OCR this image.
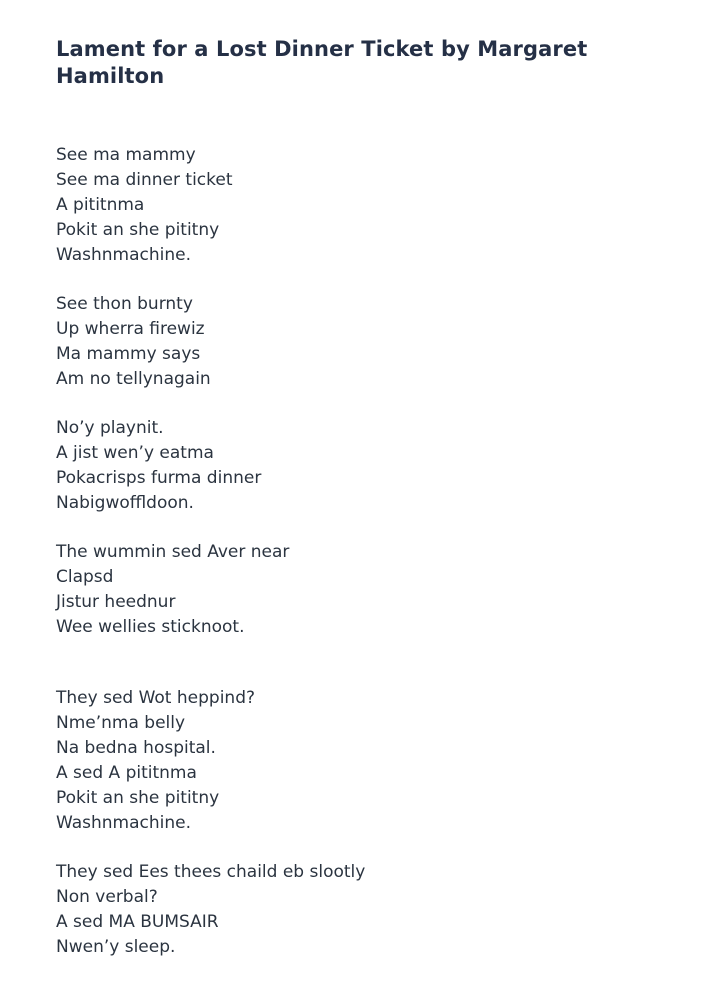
Lament for a Lost Dinner Ticket by Margaret Hamilton
See ma mammy
See ma dinner ticket
A pititnma
Pokit an she pititny
Washnmachine.
See thon burnty
Up wherra firewiz
Ma mammy says
Am no tellynagain
No’y playnit.
A jist wen’y eatma
Pokacrisps furma dinner
Nabigwoffldoon.
The wummin sed Aver near
Clapsd
Jistur heednur
Wee wellies sticknoot.
They sed Wot heppind?
Nme’nma belly
Na bedna hospital.
A sed A pititnma
Pokit an she pititny
Washnmachine.
They sed Ees thees chaild eb slootly
Non verbal?
A sed MA BUMSAIR
Nwen’y sleep.
